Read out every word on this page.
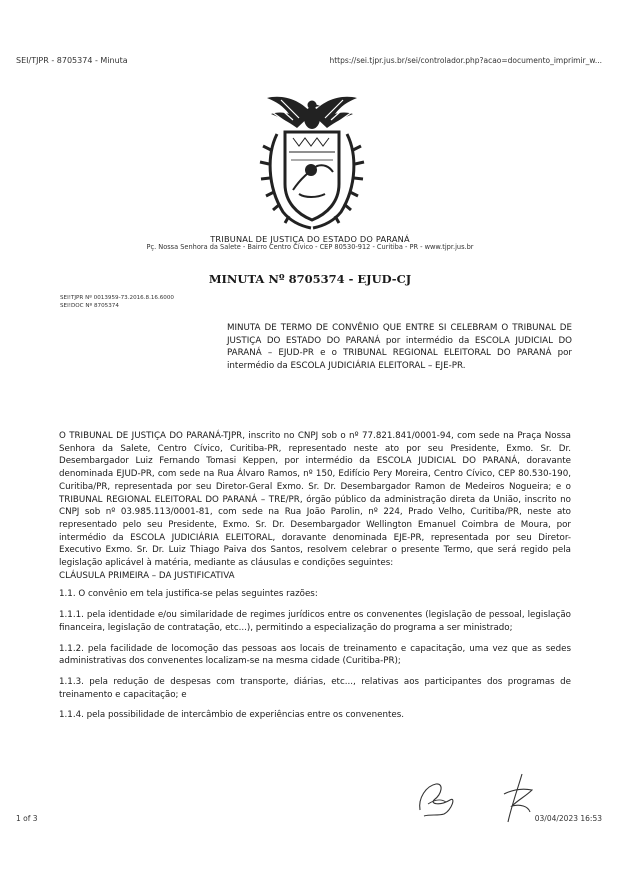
SEI/TJPR - 8705374 - Minuta	https://sei.tjpr.jus.br/sei/controlador.php?acao=documento_imprimir_w...
TRIBUNAL DE JUSTIÇA DO ESTADO DO PARANÁ
Pç. Nossa Senhora da Salete - Bairro Centro Cívico - CEP 80530-912 - Curitiba - PR - www.tjpr.jus.br
MINUTA Nº 8705374 - EJUD-CJ
SEI!TJPR Nº 0013959-73.2016.8.16.6000
SEI!DOC Nº 8705374
MINUTA DE TERMO DE CONVÊNIO QUE ENTRE SI CELEBRAM O TRIBUNAL DE JUSTIÇA DO ESTADO DO PARANÁ por intermédio da ESCOLA JUDICIAL DO PARANÁ – EJUD-PR e o TRIBUNAL REGIONAL ELEITORAL DO PARANÁ por intermédio da ESCOLA JUDICIÁRIA ELEITORAL – EJE-PR.

O TRIBUNAL DE JUSTIÇA DO PARANÁ-TJPR, inscrito no CNPJ sob o nº 77.821.841/0001-94, com sede na Praça Nossa Senhora da Salete, Centro Cívico, Curitiba-PR, representado neste ato por seu Presidente, Exmo. Sr. Dr. Desembargador Luiz Fernando Tomasi Keppen, por intermédio da ESCOLA JUDICIAL DO PARANÁ, doravante denominada EJUD-PR, com sede na Rua Álvaro Ramos, nº 150, Edifício Pery Moreira, Centro Cívico, CEP 80.530-190, Curitiba/PR, representada por seu Diretor-Geral Exmo. Sr. Dr. Desembargador Ramon de Medeiros Nogueira; e o TRIBUNAL REGIONAL ELEITORAL DO PARANÁ – TRE/PR, órgão público da administração direta da União, inscrito no CNPJ sob nº 03.985.113/0001-81, com sede na Rua João Parolin, nº 224, Prado Velho, Curitiba/PR, neste ato representado pelo seu Presidente, Exmo. Sr. Dr. Desembargador Wellington Emanuel Coimbra de Moura, por intermédio da ESCOLA JUDICIÁRIA ELEITORAL, doravante denominada EJE-PR, representada por seu Diretor-Executivo Exmo. Sr. Dr. Luiz Thiago Paiva dos Santos, resolvem celebrar o presente Termo, que será regido pela legislação aplicável à matéria, mediante as cláusulas e condições seguintes:

CLÁUSULA PRIMEIRA – DA JUSTIFICATIVA

1.1. O convênio em tela justifica-se pelas seguintes razões:

1.1.1. pela identidade e/ou similaridade de regimes jurídicos entre os convenentes (legislação de pessoal, legislação financeira, legislação de contratação, etc...), permitindo a especialização do programa a ser ministrado;

1.1.2. pela facilidade de locomoção das pessoas aos locais de treinamento e capacitação, uma vez que as sedes administrativas dos convenentes localizam-se na mesma cidade (Curitiba-PR);

1.1.3. pela redução de despesas com transporte, diárias, etc..., relativas aos participantes dos programas de treinamento e capacitação; e

1.1.4. pela possibilidade de intercâmbio de experiências entre os convenentes.

1 of 3	03/04/2023 16:53
